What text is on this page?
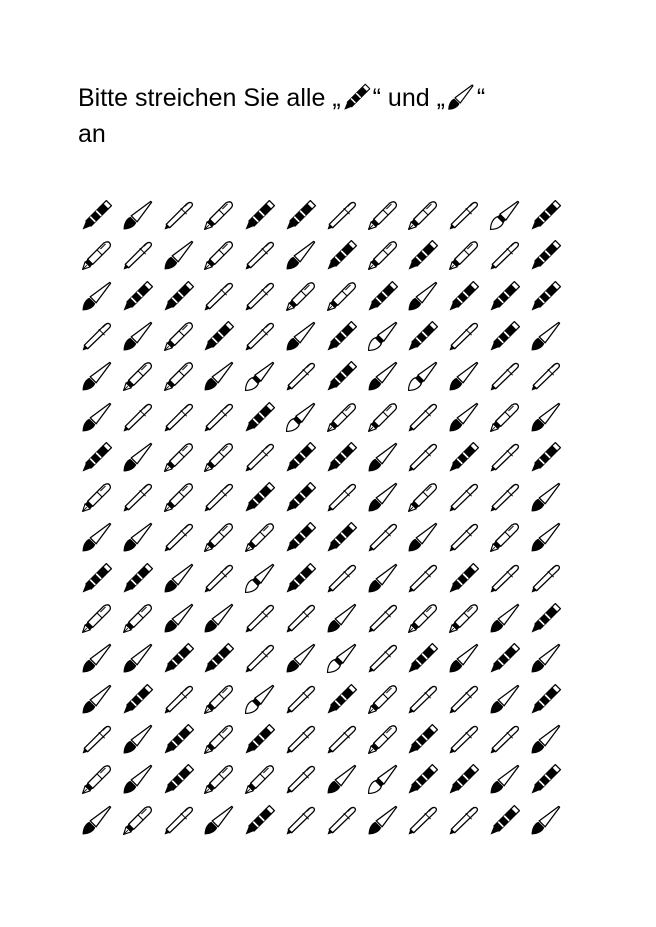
Bitte streichen Sie alle „ “ und „ “
an
